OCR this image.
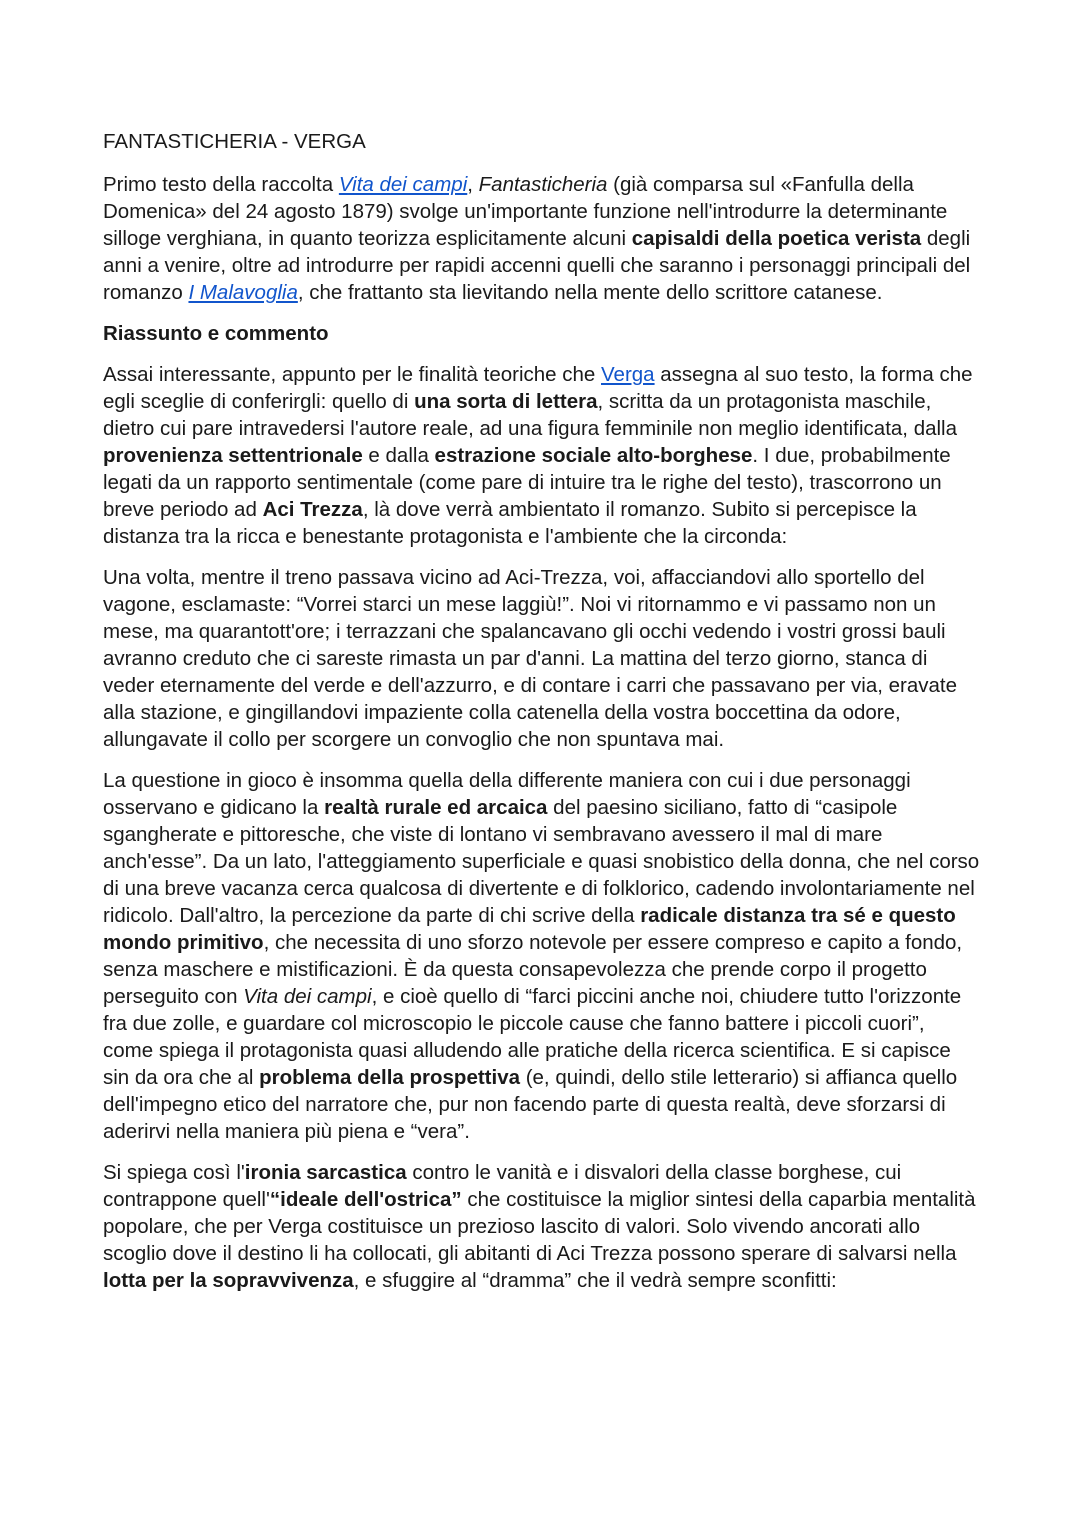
FANTASTICHERIA - VERGA

Primo testo della raccolta Vita dei campi, Fantasticheria (già comparsa sul «Fanfulla della Domenica» del 24 agosto 1879) svolge un'importante funzione nell'introdurre la determinante silloge verghiana, in quanto teorizza esplicitamente alcuni capisaldi della poetica verista degli anni a venire, oltre ad introdurre per rapidi accenni quelli che saranno i personaggi principali del romanzo I Malavoglia, che frattanto sta lievitando nella mente dello scrittore catanese.

Riassunto e commento

Assai interessante, appunto per le finalità teoriche che Verga assegna al suo testo, la forma che egli sceglie di conferirgli: quello di una sorta di lettera, scritta da un protagonista maschile, dietro cui pare intravedersi l'autore reale, ad una figura femminile non meglio identificata, dalla provenienza settentrionale e dalla estrazione sociale alto-borghese. I due, probabilmente legati da un rapporto sentimentale (come pare di intuire tra le righe del testo), trascorrono un breve periodo ad Aci Trezza, là dove verrà ambientato il romanzo. Subito si percepisce la distanza tra la ricca e benestante protagonista e l'ambiente che la circonda:

Una volta, mentre il treno passava vicino ad Aci-Trezza, voi, affacciandovi allo sportello del vagone, esclamaste: “Vorrei starci un mese laggiù!”. Noi vi ritornammo e vi passamo non un mese, ma quarantott'ore; i terrazzani che spalancavano gli occhi vedendo i vostri grossi bauli avranno creduto che ci sareste rimasta un par d'anni. La mattina del terzo giorno, stanca di veder eternamente del verde e dell'azzurro, e di contare i carri che passavano per via, eravate alla stazione, e gingillandovi impaziente colla catenella della vostra boccettina da odore, allungavate il collo per scorgere un convoglio che non spuntava mai.

La questione in gioco è insomma quella della differente maniera con cui i due personaggi osservano e gidicano la realtà rurale ed arcaica del paesino siciliano, fatto di “casipole sgangherate e pittoresche, che viste di lontano vi sembravano avessero il mal di mare anch'esse”. Da un lato, l'atteggiamento superficiale e quasi snobistico della donna, che nel corso di una breve vacanza cerca qualcosa di divertente e di folklorico, cadendo involontariamente nel ridicolo. Dall'altro, la percezione da parte di chi scrive della radicale distanza tra sé e questo mondo primitivo, che necessita di uno sforzo notevole per essere compreso e capito a fondo, senza maschere e mistificazioni. È da questa consapevolezza che prende corpo il progetto perseguito con Vita dei campi, e cioè quello di “farci piccini anche noi, chiudere tutto l'orizzonte fra due zolle, e guardare col microscopio le piccole cause che fanno battere i piccoli cuori”, come spiega il protagonista quasi alludendo alle pratiche della ricerca scientifica. E si capisce sin da ora che al problema della prospettiva (e, quindi, dello stile letterario) si affianca quello dell'impegno etico del narratore che, pur non facendo parte di questa realtà, deve sforzarsi di aderirvi nella maniera più piena e “vera”.

Si spiega così l'ironia sarcastica contro le vanità e i disvalori della classe borghese, cui contrappone quell'“ideale dell'ostrica” che costituisce la miglior sintesi della caparbia mentalità popolare, che per Verga costituisce un prezioso lascito di valori. Solo vivendo ancorati allo scoglio dove il destino li ha collocati, gli abitanti di Aci Trezza possono sperare di salvarsi nella lotta per la sopravvivenza, e sfuggire al “dramma” che il vedrà sempre sconfitti:
